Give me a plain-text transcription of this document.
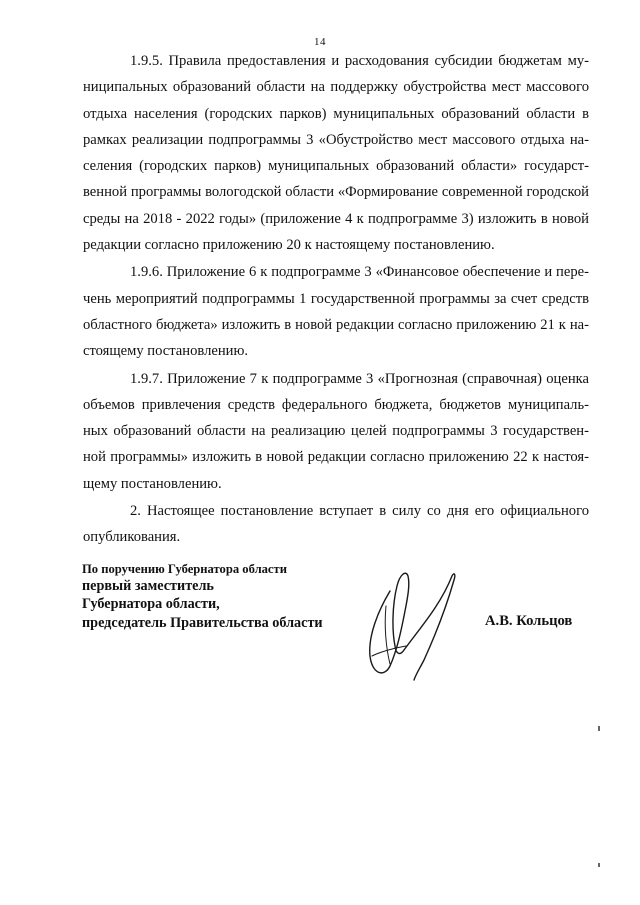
14

1.9.5. Правила предоставления и расходования субсидии бюджетам муниципальных образований области на поддержку обустройства мест массового отдыха населения (городских парков) муниципальных образований области в рамках реализации подпрограммы 3 «Обустройство мест массового отдыха населения (городских парков) муниципальных образований области» государственной программы вологодской области «Формирование современной городской среды на 2018 - 2022 годы» (приложение 4 к подпрограмме 3) изложить в новой редакции согласно приложению 20 к настоящему постановлению.

1.9.6. Приложение 6 к подпрограмме 3 «Финансовое обеспечение и перечень мероприятий подпрограммы 1 государственной программы за счет средств областного бюджета» изложить в новой редакции согласно приложению 21 к настоящему постановлению.

1.9.7. Приложение 7 к подпрограмме 3 «Прогнозная (справочная) оценка объемов привлечения средств федерального бюджета, бюджетов муниципальных образований области на реализацию целей подпрограммы 3 государственной программы» изложить в новой редакции согласно приложению 22 к настоящему постановлению.

2. Настоящее постановление вступает в силу со дня его официального опубликования.

По поручению Губернатора области
первый заместитель
Губернатора области,
председатель Правительства области	А.В. Кольцов
